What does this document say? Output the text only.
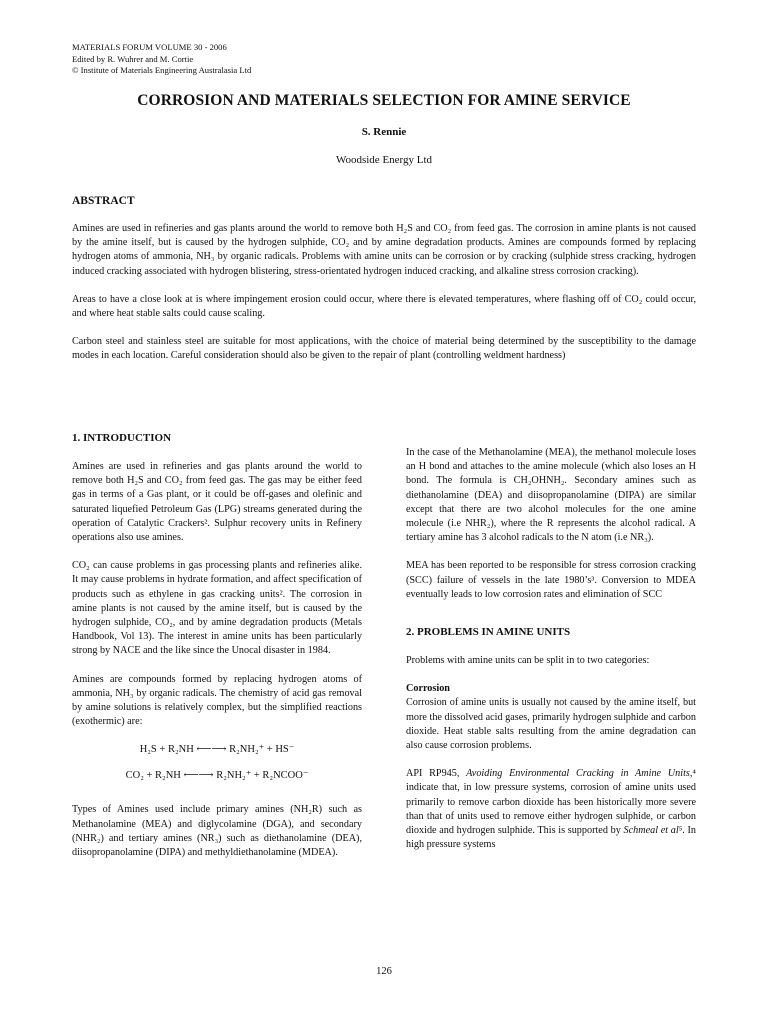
MATERIALS FORUM VOLUME 30 - 2006
Edited by R. Wuhrer and M. Cortie
© Institute of Materials Engineering Australasia Ltd
CORROSION AND MATERIALS SELECTION FOR AMINE SERVICE
S. Rennie
Woodside Energy Ltd
ABSTRACT

Amines are used in refineries and gas plants around the world to remove both H₂S and CO₂ from feed gas. The corrosion in amine plants is not caused by the amine itself, but is caused by the hydrogen sulphide, CO₂ and by amine degradation products. Amines are compounds formed by replacing hydrogen atoms of ammonia, NH₃ by organic radicals. Problems with amine units can be corrosion or by cracking (sulphide stress cracking, hydrogen induced cracking associated with hydrogen blistering, stress-orientated hydrogen induced cracking, and alkaline stress corrosion cracking).

Areas to have a close look at is where impingement erosion could occur, where there is elevated temperatures, where flashing off of CO₂ could occur, and where heat stable salts could cause scaling.

Carbon steel and stainless steel are suitable for most applications, with the choice of material being determined by the susceptibility to the damage modes in each location. Careful consideration should also be given to the repair of plant (controlling weldment hardness)

1. INTRODUCTION

Amines are used in refineries and gas plants around the world to remove both H₂S and CO₂ from feed gas. The gas may be either feed gas in terms of a Gas plant, or it could be off-gases and olefinic and saturated liquefied Petroleum Gas (LPG) streams generated during the operation of Catalytic Crackers². Sulphur recovery units in Refinery operations also use amines.

CO₂ can cause problems in gas processing plants and refineries alike. It may cause problems in hydrate formation, and affect specification of products such as ethylene in gas cracking units². The corrosion in amine plants is not caused by the amine itself, but is caused by the hydrogen sulphide, CO₂, and by amine degradation products (Metals Handbook, Vol 13). The interest in amine units has been particularly strong by NACE and the like since the Unocal disaster in 1984.

Amines are compounds formed by replacing hydrogen atoms of ammonia, NH₃ by organic radicals. The chemistry of acid gas removal by amine solutions is relatively complex, but the simplified reactions (exothermic) are:

H₂S + R₂NH ⟵⟶ R₂NH₂⁺ + HS⁻
CO₂ + R₂NH ⟵⟶ R₂NH₂⁺ + R₂NCOO⁻

Types of Amines used include primary amines (NH₂R) such as Methanolamine (MEA) and diglycolamine (DGA), and secondary (NHR₂) and tertiary amines (NR₃) such as diethanolamine (DEA), diisopropanolamine (DIPA) and methyldiethanolamine (MDEA).

In the case of the Methanolamine (MEA), the methanol molecule loses an H bond and attaches to the amine molecule (which also loses an H bond. The formula is CH₂OHNH₂. Secondary amines such as diethanolamine (DEA) and diisopropanolamine (DIPA) are similar except that there are two alcohol molecules for the one amine molecule (i.e NHR₂), where the R represents the alcohol radical. A tertiary amine has 3 alcohol radicals to the N atom (i.e NR₃).

MEA has been reported to be responsible for stress corrosion cracking (SCC) failure of vessels in the late 1980’s³. Conversion to MDEA eventually leads to low corrosion rates and elimination of SCC

2. PROBLEMS IN AMINE UNITS

Problems with amine units can be split in to two categories:

Corrosion
Corrosion of amine units is usually not caused by the amine itself, but more the dissolved acid gases, primarily hydrogen sulphide and carbon dioxide. Heat stable salts resulting from the amine degradation can also cause corrosion problems.

API RP945, Avoiding Environmental Cracking in Amine Units,⁴ indicate that, in low pressure systems, corrosion of amine units used primarily to remove carbon dioxide has been historically more severe than that of units used to remove either hydrogen sulphide, or carbon dioxide and hydrogen sulphide. This is supported by Schmeal et al⁵. In high pressure systems

126
